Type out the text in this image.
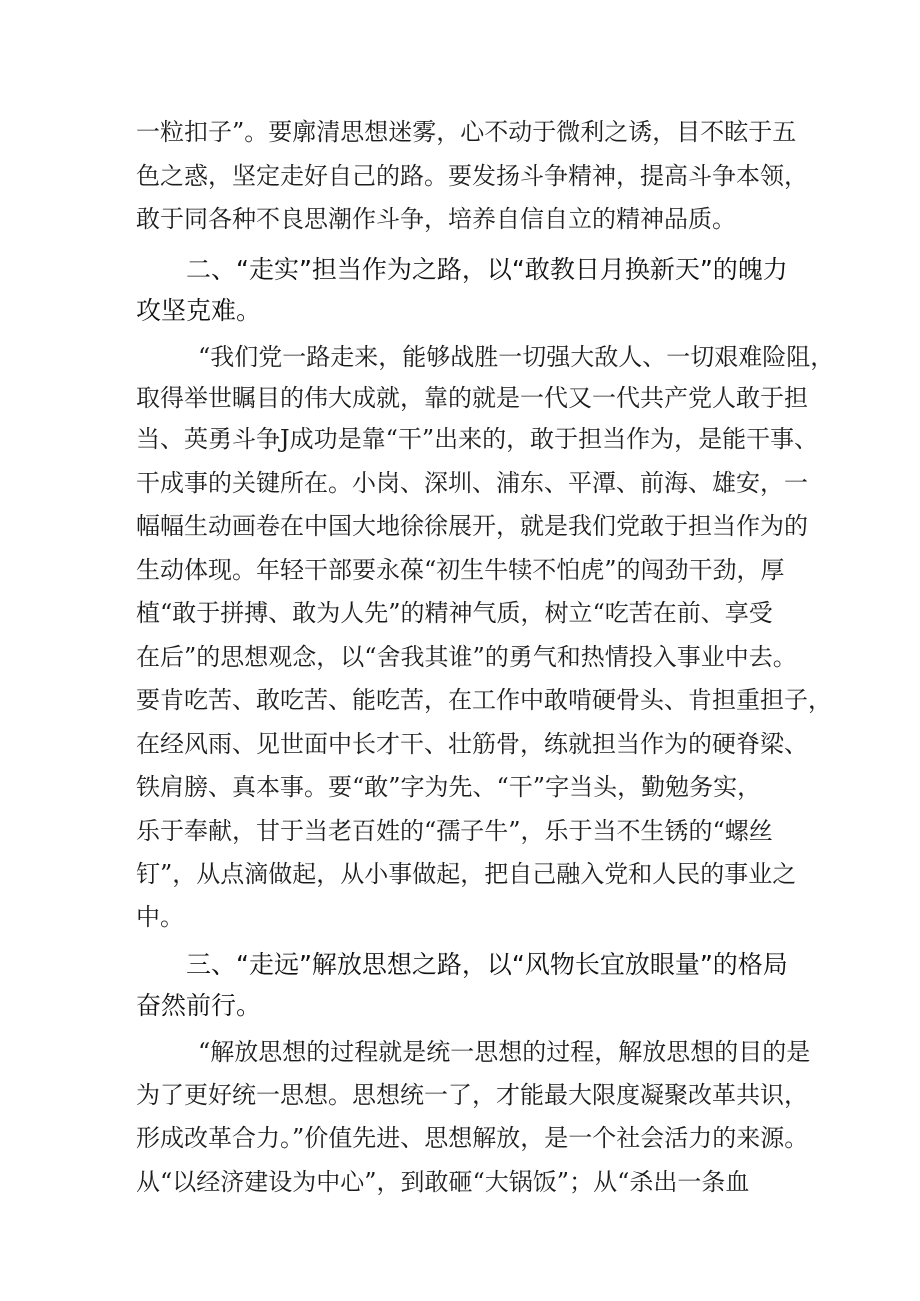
一粒扣子”。要廓清思想迷雾，心不动于微利之诱，目不眩于五
色之惑，坚定走好自己的路。要发扬斗争精神，提高斗争本领，
敢于同各种不良思潮作斗争，培养自信自立的精神品质。
二、“走实”担当作为之路，以“敢教日月换新天”的魄力
攻坚克难。
“我们党一路走来，能够战胜一切强大敌人、一切艰难险阻，
取得举世瞩目的伟大成就，靠的就是一代又一代共产党人敢于担
当、英勇斗争J成功是靠“干”出来的，敢于担当作为，是能干事、
干成事的关键所在。小岗、深圳、浦东、平潭、前海、雄安，一
幅幅生动画卷在中国大地徐徐展开，就是我们党敢于担当作为的
生动体现。年轻干部要永葆“初生牛犊不怕虎”的闯劲干劲，厚
植“敢于拼搏、敢为人先”的精神气质，树立“吃苦在前、享受
在后”的思想观念，以“舍我其谁”的勇气和热情投入事业中去。
要肯吃苦、敢吃苦、能吃苦，在工作中敢啃硬骨头、肯担重担子，
在经风雨、见世面中长才干、壮筋骨，练就担当作为的硬脊梁、
铁肩膀、真本事。要“敢”字为先、“干”字当头，勤勉务实，
乐于奉献，甘于当老百姓的“孺子牛”，乐于当不生锈的“螺丝
钉”，从点滴做起，从小事做起，把自己融入党和人民的事业之
中。
三、“走远”解放思想之路，以“风物长宜放眼量”的格局
奋然前行。
“解放思想的过程就是统一思想的过程，解放思想的目的是
为了更好统一思想。思想统一了，才能最大限度凝聚改革共识，
形成改革合力。”价值先进、思想解放，是一个社会活力的来源。
从“以经济建设为中心”，到敢砸“大锅饭”；从“杀出一条血
